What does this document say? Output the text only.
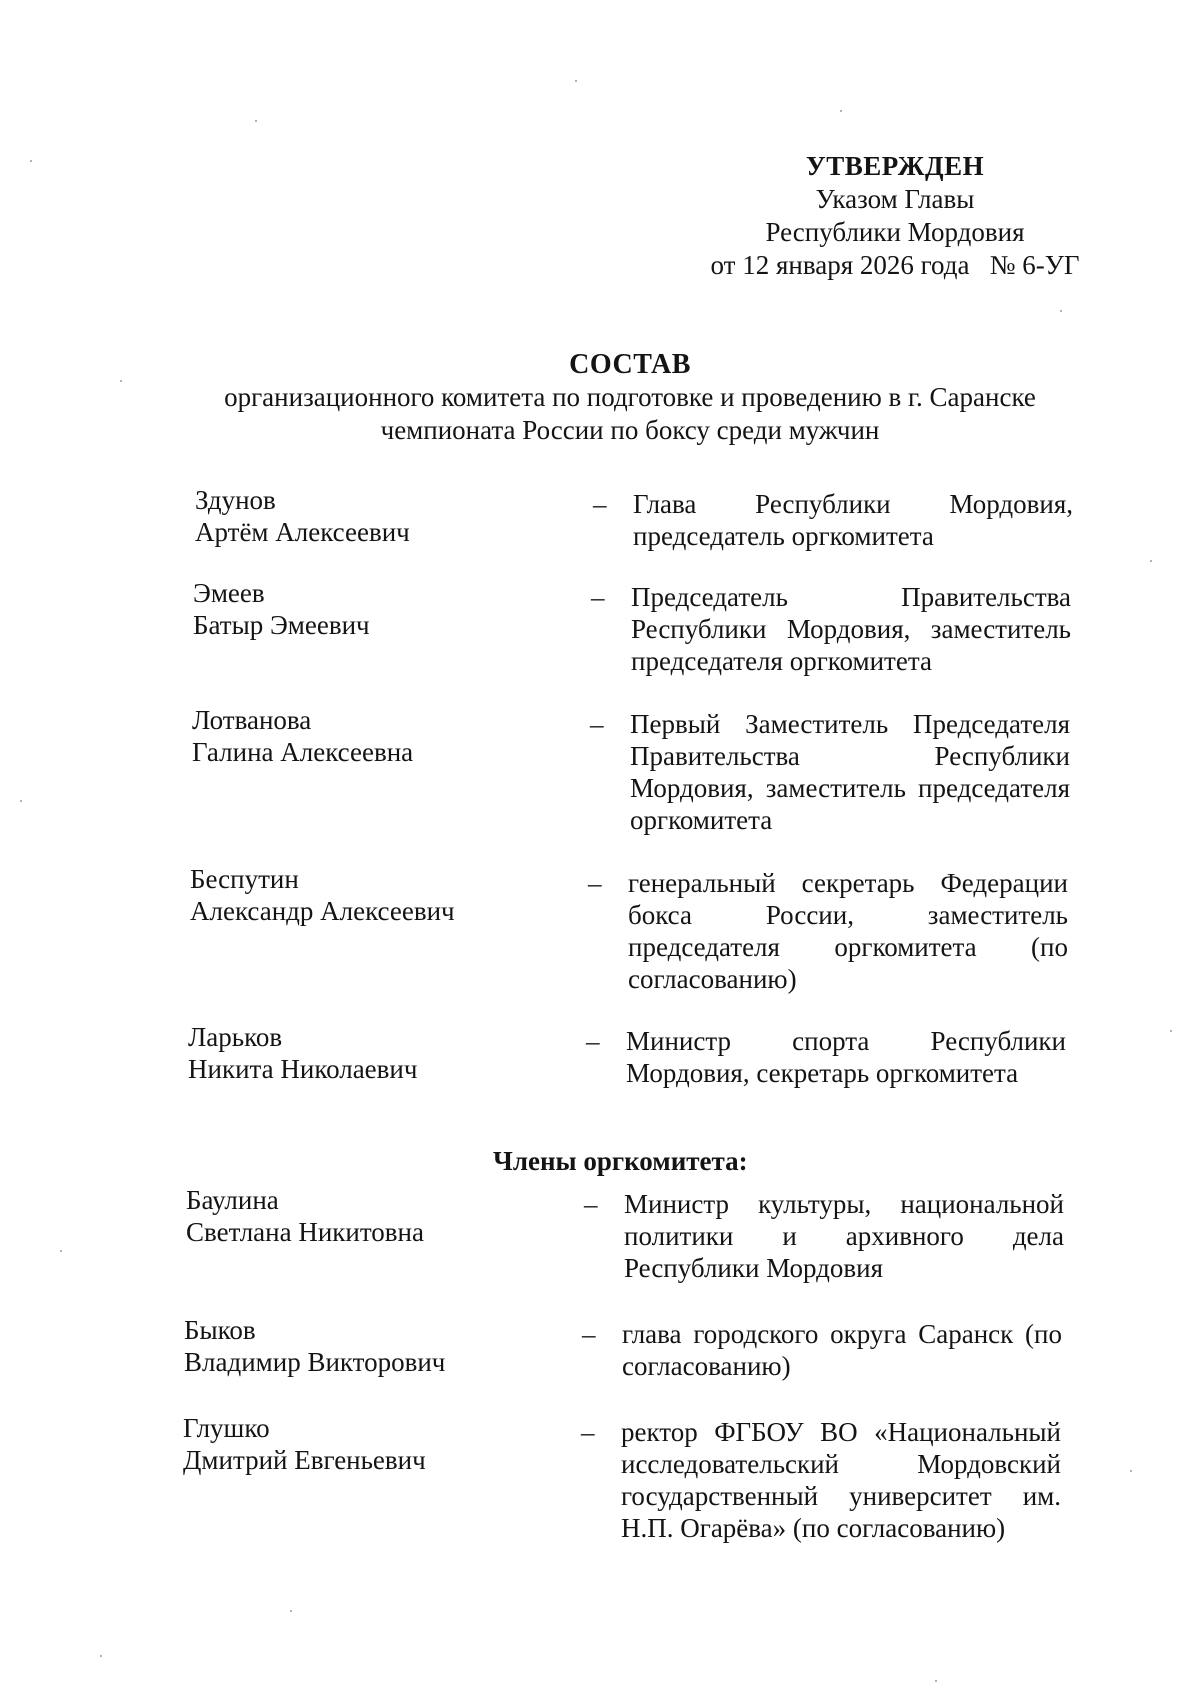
УТВЕРЖДЕН
Указом Главы
Республики Мордовия
от 12 января 2026 года   № 6-УГ
СОСТАВ
организационного комитета по подготовке и проведению в г. Саранске
чемпионата России по боксу среди мужчин
Здунов
Артём Алексеевич
– Глава Республики Мордовия, председатель оргкомитета
Эмеев
Батыр Эмеевич
– Председатель Правительства Республики Мордовия, заместитель председателя оргкомитета
Лотванова
Галина Алексеевна
– Первый Заместитель Председателя Правительства Республики Мордовия, заместитель председателя оргкомитета
Беспутин
Александр Алексеевич
– генеральный секретарь Федерации бокса России, заместитель председателя оргкомитета (по согласованию)
Ларьков
Никита Николаевич
– Министр спорта Республики Мордовия, секретарь оргкомитета
Члены оргкомитета:
Баулина
Светлана Никитовна
– Министр культуры, национальной политики и архивного дела Республики Мордовия
Быков
Владимир Викторович
– глава городского округа Саранск (по согласованию)
Глушко
Дмитрий Евгеньевич
– ректор ФГБОУ ВО «Национальный исследовательский Мордовский государственный университет им. Н.П. Огарёва» (по согласованию)
